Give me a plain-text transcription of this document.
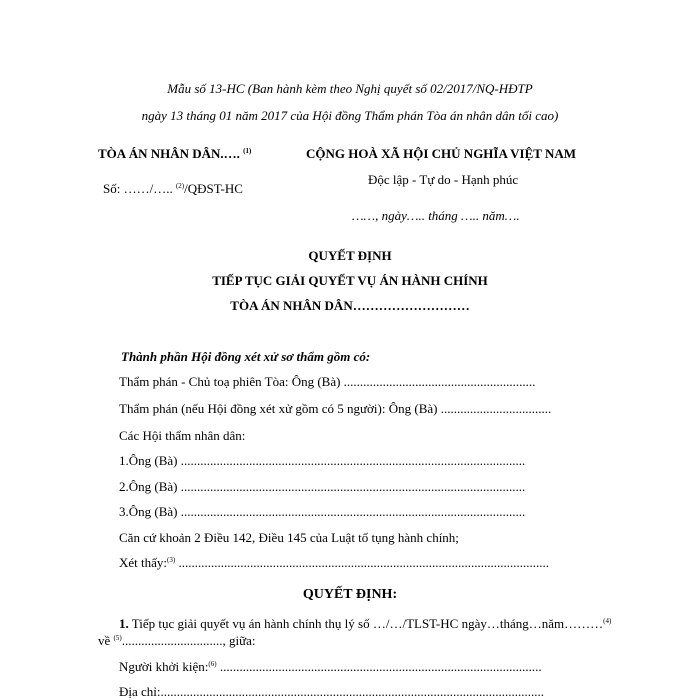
Mẫu số 13-HC (Ban hành kèm theo Nghị quyết số 02/2017/NQ-HĐTP
ngày 13 tháng 01 năm 2017 của Hội đồng Thẩm phán Tòa án nhân dân tối cao)
TÒA ÁN NHÂN DÂN.…. $^{(1)}$
Số: ……/….. $^{(2)}$/QĐST-HC
CỘNG HOÀ XÃ HỘI CHỦ NGHĨA VIỆT NAM
Độc lập - Tự do - Hạnh phúc
……, ngày….. tháng ….. năm….
QUYẾT ĐỊNH
TIẾP TỤC GIẢI QUYẾT VỤ ÁN HÀNH CHÍNH
TÒA ÁN NHÂN DÂN………………………
Thành phần Hội đồng xét xử sơ thẩm gồm có:
Thẩm phán - Chủ toạ phiên Tòa: Ông (Bà) ...........................................................
Thẩm phán (nếu Hội đồng xét xử gồm có 5 người): Ông (Bà) ..................................
Các Hội thẩm nhân dân:
1.Ông (Bà) ..........................................................................................................
2.Ông (Bà) ..........................................................................................................
3.Ông (Bà) ..........................................................................................................
Căn cứ khoản 2 Điều 142, Điều 145 của Luật tố tụng hành chính;
Xét thấy:$^{(3)}$ ..................................................................................................................
QUYẾT ĐỊNH:
1. Tiếp tục giải quyết vụ án hành chính thụ lý số …/…/TLST-HC ngày…tháng…năm………$^{(4)}$
về $^{(5)}$..............................., giữa:
Người khởi kiện:$^{(6)}$ ...................................................................................................
Địa chỉ:......................................................................................................................
